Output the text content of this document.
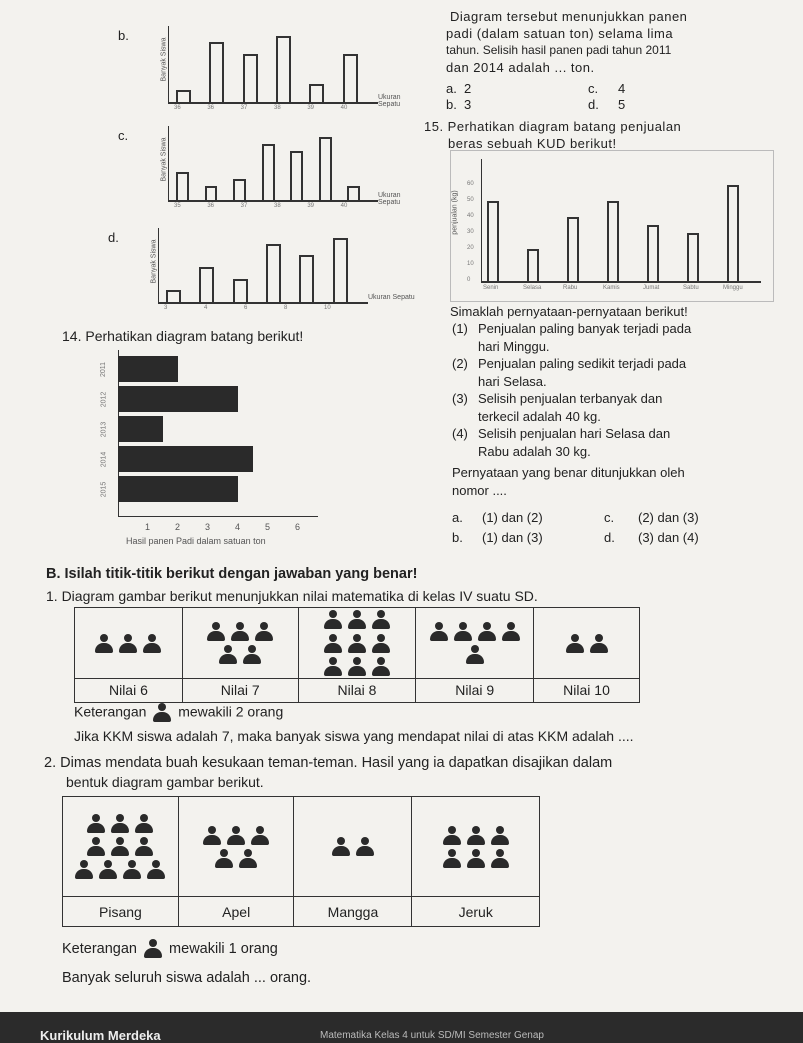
Diagram tersebut menunjukkan panen
padi (dalam satuan ton) selama lima
tahun. Selisih hasil panen padi tahun 2011
dan 2014 adalah ... ton.
a. 2	c. 4
b. 3	d. 5
b.
Banyak Siswa
36	36	37	38	39	40
Ukuran Sepatu
c.
Banyak Siswa
35	36	37	38	39	40
Ukuran Sepatu
d.
Banyak Siswa
3	4	6	8	10
Ukuran Sepatu
15. Perhatikan diagram batang penjualan
beras sebuah KUD berikut!
penjualan (kg)
0
10
20
30
40
50
60
Senin	Selasa	Rabu	Kamis	Jumat	Sabtu	Minggu
Simaklah pernyataan-pernyataan berikut!
(1) Penjualan paling banyak terjadi pada
hari Minggu.
(2) Penjualan paling sedikit terjadi pada
hari Selasa.
(3) Selisih penjualan terbanyak dan
terkecil adalah 40 kg.
(4) Selisih penjualan hari Selasa dan
Rabu adalah 30 kg.
Pernyataan yang benar ditunjukkan oleh
nomor ....
a. (1) dan (2)	c. (2) dan (3)
b. (1) dan (3)	d. (3) dan (4)
14. Perhatikan diagram batang berikut!
2011
2012
2013
2014
2015
1	2	3	4	5	6
Hasil panen Padi dalam satuan ton
B. Isilah titik-titik berikut dengan jawaban yang benar!
1. Diagram gambar berikut menunjukkan nilai matematika di kelas IV suatu SD.

Nilai 6	Nilai 7	Nilai 8	Nilai 9	Nilai 10
Keterangan mewakili 2 orang
Jika KKM siswa adalah 7, maka banyak siswa yang mendapat nilai di atas KKM adalah ....
2. Dimas mendata buah kesukaan teman-teman. Hasil yang ia dapatkan disajikan dalam
bentuk diagram gambar berikut.

Pisang	Apel	Mangga	Jeruk
Keterangan mewakili 1 orang
Banyak seluruh siswa adalah ... orang.
Kurikulum Merdeka	Matematika Kelas 4 untuk SD/MI Semester Genap
